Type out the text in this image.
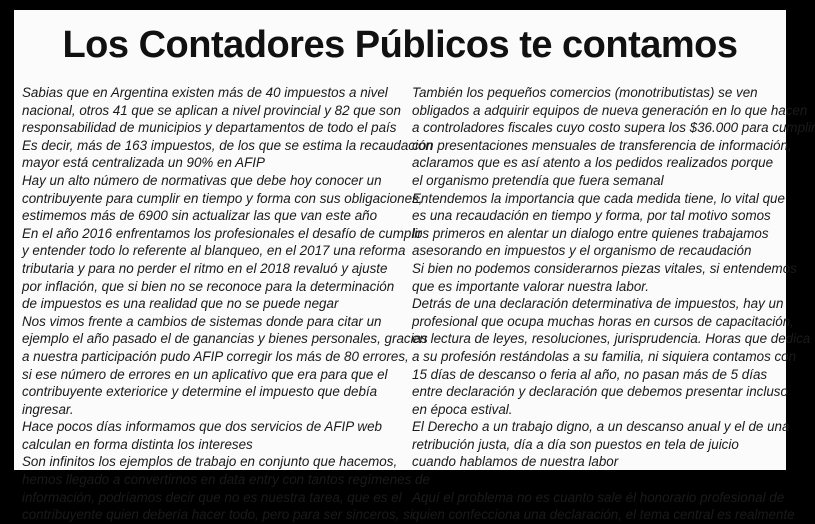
Los Contadores Públicos te contamos

Sabias que en Argentina existen más de 40 impuestos a nivel

nacional, otros 41 que se aplican a nivel provincial y 82 que son

responsabilidad de municipios y departamentos de todo el país

Es decir, más de 163 impuestos, de los que se estima la recaudación

mayor está centralizada un 90% en AFIP

Hay un alto número de normativas que debe hoy conocer un

contribuyente para cumplir en tiempo y forma con sus obligaciones,

estimemos más de 6900 sin actualizar las que van este año

En el año 2016 enfrentamos los profesionales el desafío de cumplir

y entender todo lo referente al blanqueo, en el 2017 una reforma

tributaria y para no perder el ritmo en el 2018 revaluó y ajuste

por inflación, que si bien no se reconoce para la determinación

de impuestos es una realidad que no se puede negar

Nos vimos frente a cambios de sistemas donde para citar un

ejemplo el año pasado el de ganancias y bienes personales, gracias

a nuestra participación pudo AFIP corregir los más de 80 errores,

si ese número de errores en un aplicativo que era para que el

contribuyente exteriorice y determine el impuesto que debía

ingresar.

Hace pocos días informamos que dos servicios de AFIP web

calculan en forma distinta los intereses

Son infinitos los ejemplos de trabajo en conjunto que hacemos,

hemos llegado a convertirnos en data entry con tantos regímenes de

información, podríamos decir que no es nuestra tarea, que es el

contribuyente quien debería hacer todo, pero para ser sinceros, si

También los pequeños comercios (monotributistas) se ven

obligados a adquirir equipos de nueva generación en lo que hacen

a controladores fiscales cuyo costo supera los $36.000 para cumplir

con presentaciones mensuales de transferencia de información,

aclaramos que es así atento a los pedidos realizados porque

el organismo pretendía que fuera semanal

Entendemos la importancia que cada medida tiene, lo vital que

es una recaudación en tiempo y forma, por tal motivo somos

los primeros en alentar un dialogo entre quienes trabajamos

asesorando en impuestos y el organismo de recaudación

Si bien no podemos considerarnos piezas vitales, si entendemos

que es importante valorar nuestra labor.

Detrás de una declaración determinativa de impuestos, hay un

profesional que ocupa muchas horas en cursos de capacitación,

en lectura de leyes, resoluciones, jurisprudencia. Horas que dedica

a su profesión restándolas a su familia, ni siquiera contamos con

15 días de descanso o feria al año, no pasan más de 5 días

entre declaración y declaración que debemos presentar incluso

en época estival.

El Derecho a un trabajo digno, a un descanso anual y el de una

retribución justa, día a día son puestos en tela de juicio

cuando hablamos de nuestra labor

Aquí el problema no es cuanto sale él honorario profesional de

quien confecciona una declaración, el tema central es realmente
